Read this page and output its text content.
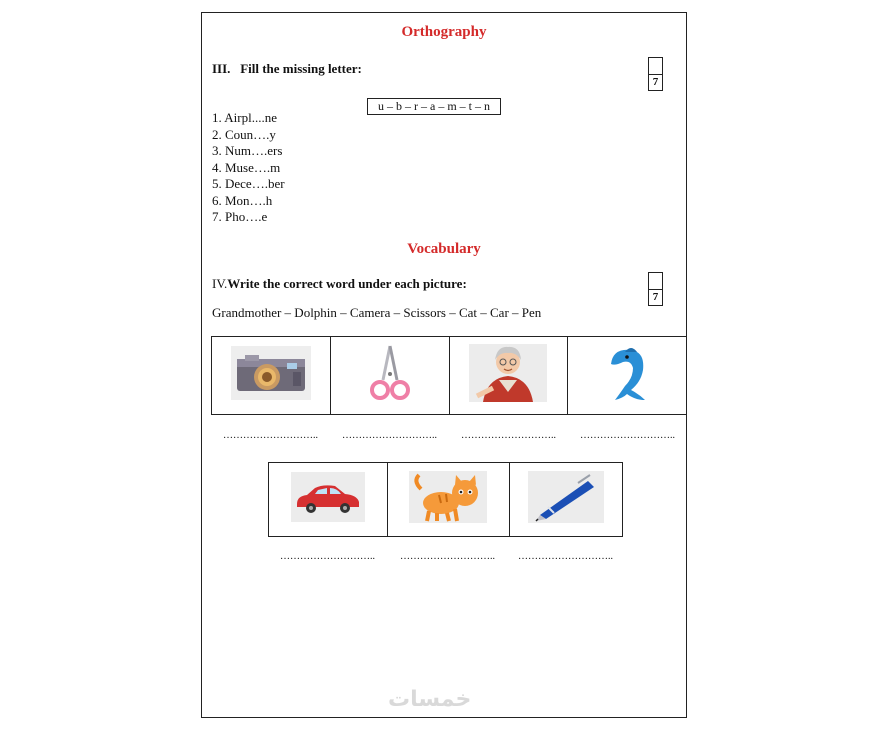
Orthography
III. Fill the missing letter:
7
u – b – r – a – m – t – n
1. Airpl....ne
2. Coun….y
3. Num….ers
4. Muse….m
5. Dece….ber
6. Mon….h
7. Pho….e
Vocabulary
IV.Write the correct word under each picture:
7
Grandmother – Dolphin – Camera – Scissors – Cat – Car – Pen

………………………..	………………………..	………………………..	………………………..

………………………..	………………………..	………………………..
خمسات
